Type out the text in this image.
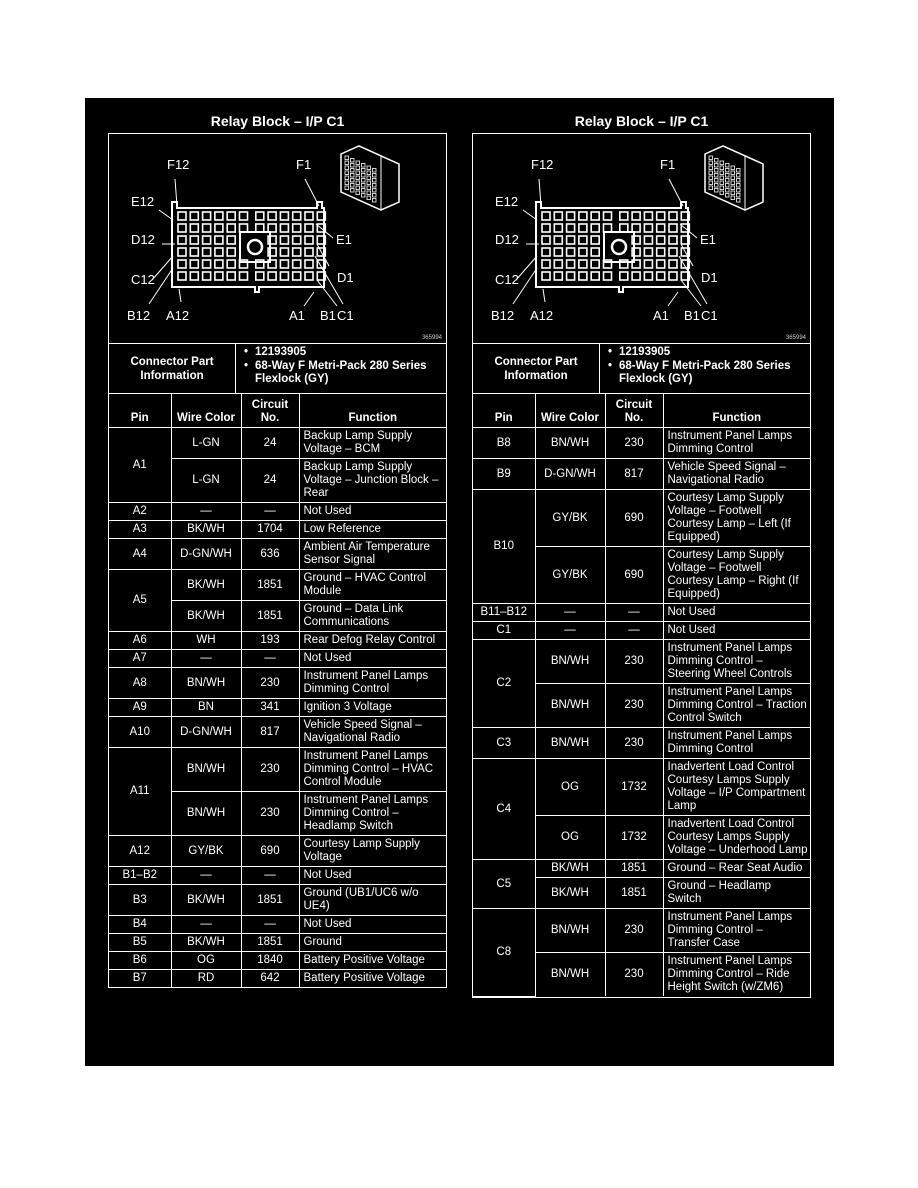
Relay Block – I/P C1
F12	F1
E12
E1
D12
D1
C12
C1
B12 A12	A1 B1
365994
Connector Part Information
• 12193905
• 68-Way F Metri-Pack 280 Series Flexlock (GY)
Pin	Wire Color	Circuit No.	Function
A1	L-GN	24	Backup Lamp Supply Voltage – BCM
	L-GN	24	Backup Lamp Supply Voltage – Junction Block – Rear
A2	—	—	Not Used
A3	BK/WH	1704	Low Reference
A4	D-GN/WH	636	Ambient Air Temperature Sensor Signal
A5	BK/WH	1851	Ground – HVAC Control Module
	BK/WH	1851	Ground – Data Link Communications
A6	WH	193	Rear Defog Relay Control
A7	—	—	Not Used
A8	BN/WH	230	Instrument Panel Lamps Dimming Control
A9	BN	341	Ignition 3 Voltage
A10	D-GN/WH	817	Vehicle Speed Signal – Navigational Radio
A11	BN/WH	230	Instrument Panel Lamps Dimming Control – HVAC Control Module
	BN/WH	230	Instrument Panel Lamps Dimming Control – Headlamp Switch
A12	GY/BK	690	Courtesy Lamp Supply Voltage
B1–B2	—	—	Not Used
B3	BK/WH	1851	Ground (UB1/UC6 w/o UE4)
B4	—	—	Not Used
B5	BK/WH	1851	Ground
B6	OG	1840	Battery Positive Voltage
B7	RD	642	Battery Positive Voltage
Relay Block – I/P C1
F12	F1
E12
E1
D12
D1
C12
C1
B12 A12	A1 B1
365994
Connector Part Information
• 12193905
• 68-Way F Metri-Pack 280 Series Flexlock (GY)
Pin	Wire Color	Circuit No.	Function
B8	BN/WH	230	Instrument Panel Lamps Dimming Control
B9	D-GN/WH	817	Vehicle Speed Signal – Navigational Radio
B10	GY/BK	690	Courtesy Lamp Supply Voltage – Footwell Courtesy Lamp – Left (If Equipped)
	GY/BK	690	Courtesy Lamp Supply Voltage – Footwell Courtesy Lamp – Right (If Equipped)
B11–B12	—	—	Not Used
C1	—	—	Not Used
C2	BN/WH	230	Instrument Panel Lamps Dimming Control – Steering Wheel Controls
	BN/WH	230	Instrument Panel Lamps Dimming Control – Traction Control Switch
C3	BN/WH	230	Instrument Panel Lamps Dimming Control
C4	OG	1732	Inadvertent Load Control Courtesy Lamps Supply Voltage – I/P Compartment Lamp
	OG	1732	Inadvertent Load Control Courtesy Lamps Supply Voltage – Underhood Lamp
C5	BK/WH	1851	Ground – Rear Seat Audio
	BK/WH	1851	Ground – Headlamp Switch
C8	BN/WH	230	Instrument Panel Lamps Dimming Control – Transfer Case
	BN/WH	230	Instrument Panel Lamps Dimming Control – Ride Height Switch (w/ZM6)
